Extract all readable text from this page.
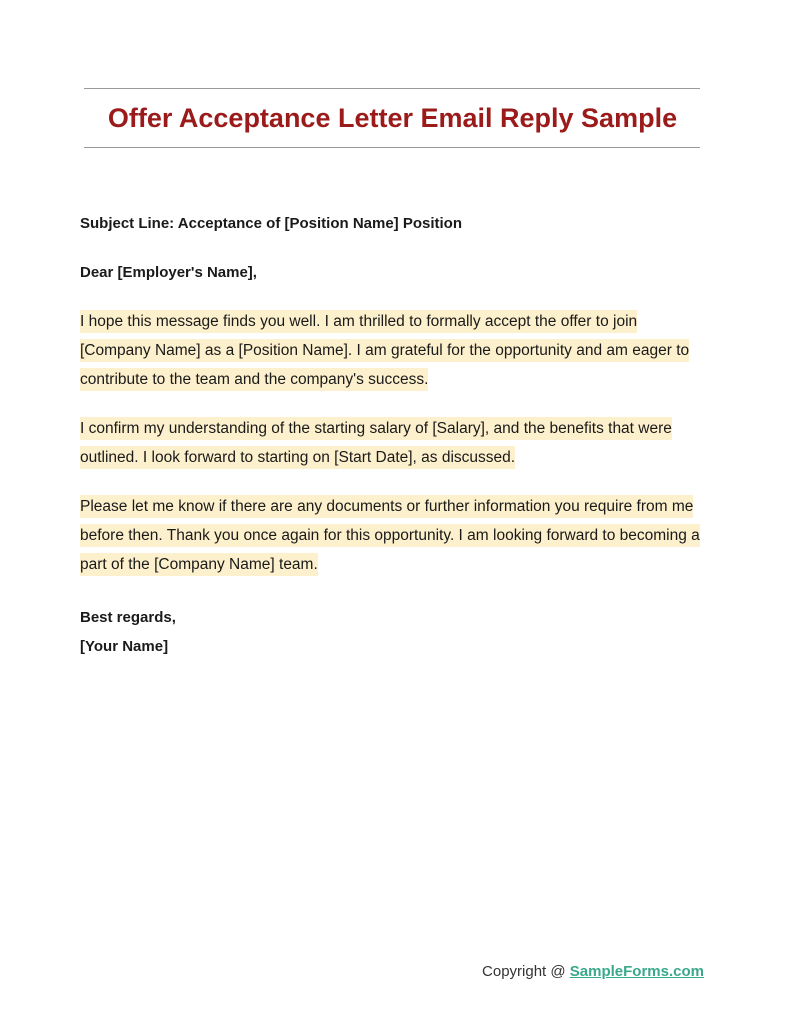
Offer Acceptance Letter Email Reply Sample
Subject Line: Acceptance of [Position Name] Position
Dear [Employer's Name],

I hope this message finds you well. I am thrilled to formally accept the offer to join [Company Name] as a [Position Name]. I am grateful for the opportunity and am eager to contribute to the team and the company's success.

I confirm my understanding of the starting salary of [Salary], and the benefits that were outlined. I look forward to starting on [Start Date], as discussed.

Please let me know if there are any documents or further information you require from me before then. Thank you once again for this opportunity. I am looking forward to becoming a part of the [Company Name] team.

Best regards,
[Your Name]
Copyright @ SampleForms.com
